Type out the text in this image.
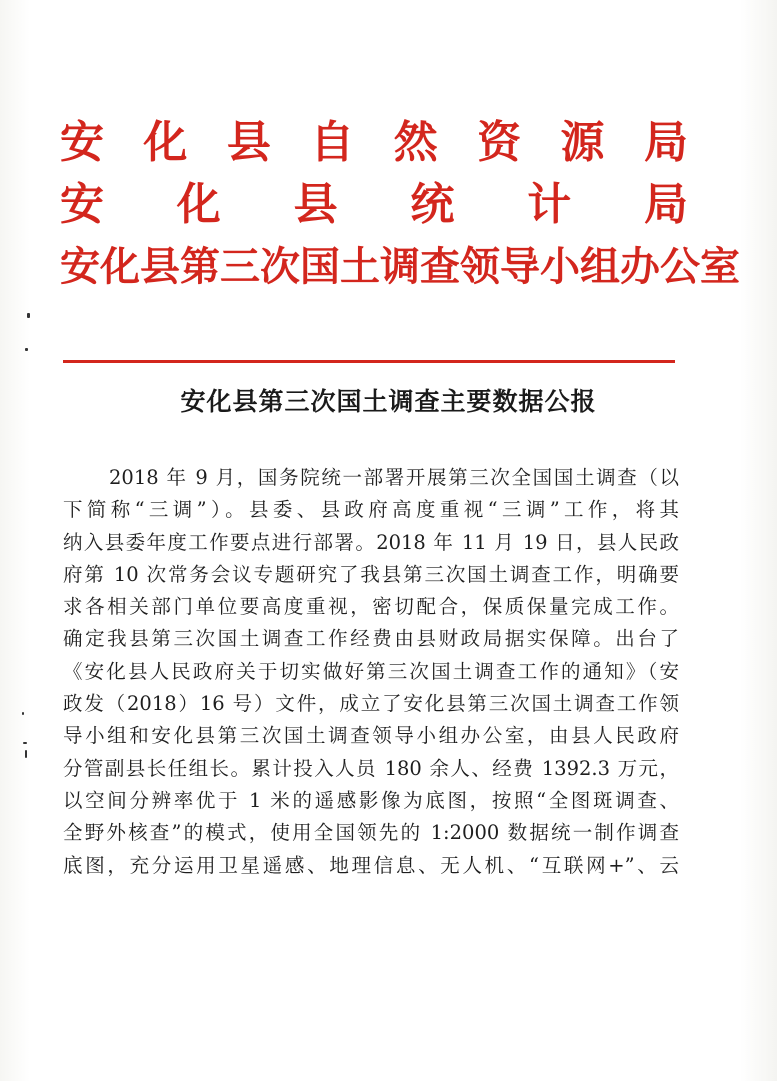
安 化 县 自 然 资 源 局
安 化 县 统 计 局
安 化 县 第 三 次 国 土 调 查 领 导 小 组 办 公 室
安化县第三次国土调查主要数据公报
2018 年 9 月，国务院统一部署开展第三次全国国土调查（以
下简称“三调”）。县委、县政府高度重视“三调”工作，将其
纳入县委年度工作要点进行部署。2018 年 11 月 19 日，县人民政
府第 10 次常务会议专题研究了我县第三次国土调查工作，明确要
求各相关部门单位要高度重视，密切配合，保质保量完成工作。
确定我县第三次国土调查工作经费由县财政局据实保障。出台了
《安化县人民政府关于切实做好第三次国土调查工作的通知》（安
政发（2018）16 号）文件，成立了安化县第三次国土调查工作领
导小组和安化县第三次国土调查领导小组办公室，由县人民政府
分管副县长任组长。累计投入人员 180 余人、经费 1392.3 万元，
以空间分辨率优于 1 米的遥感影像为底图，按照“全图斑调查、
全野外核查”的模式，使用全国领先的 1:2000 数据统一制作调查
底图，充分运用卫星遥感、地理信息、无人机、“互联网+”、云
